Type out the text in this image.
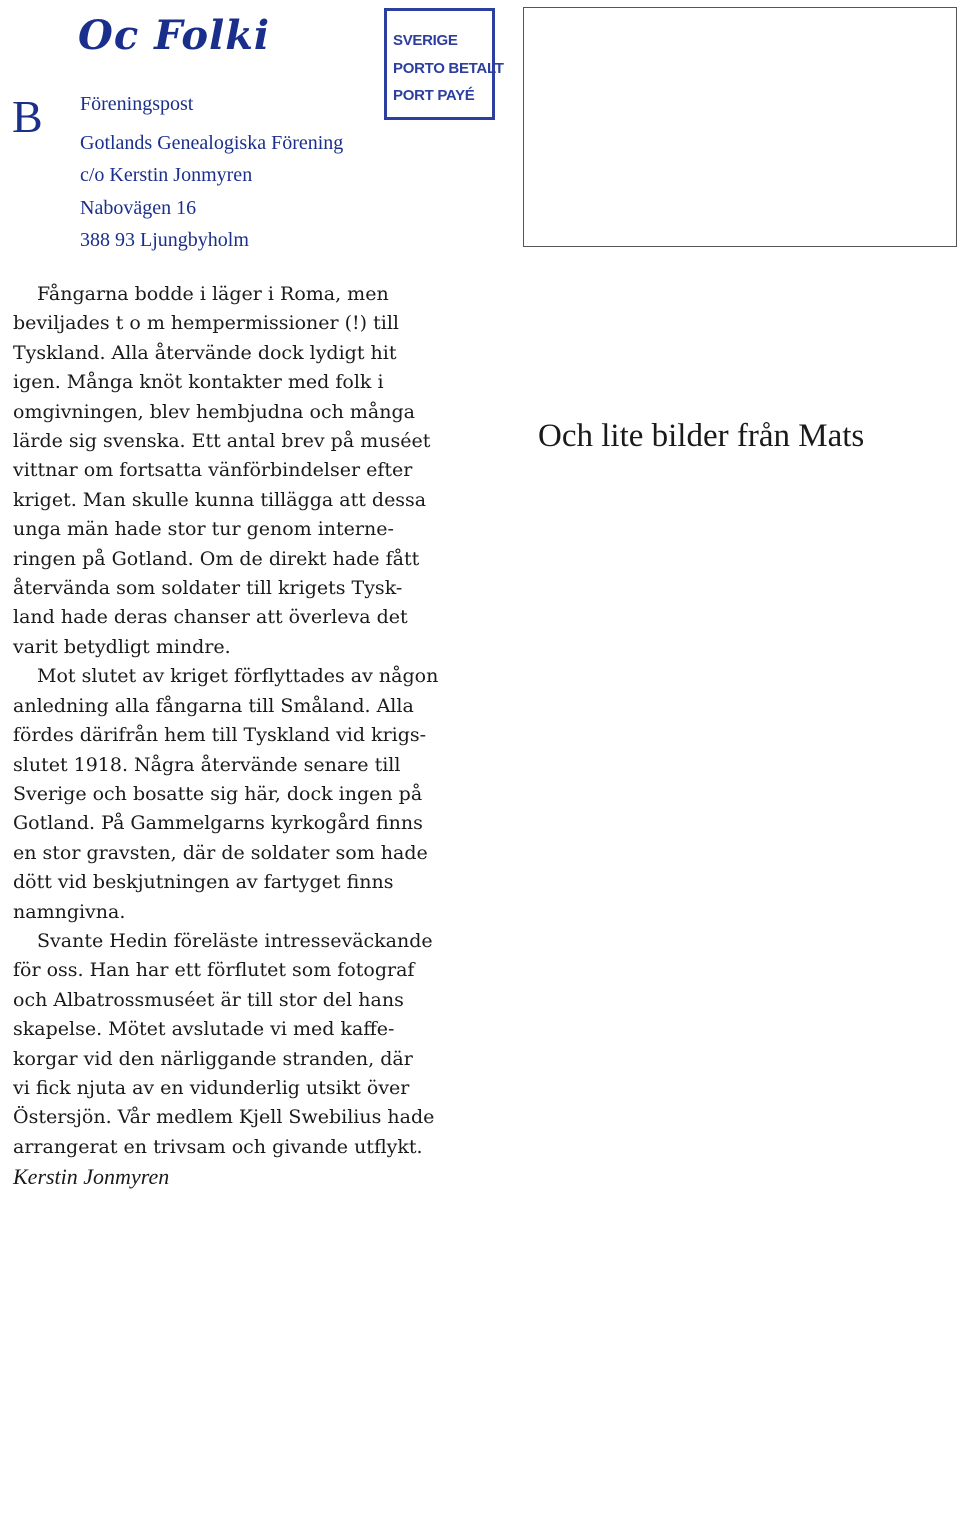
Oc Folki
B Föreningspost
Gotlands Genealogiska Förening
c/o Kerstin Jonmyren
Nabovägen 16
388 93 Ljungbyholm
SVERIGE
PORTO BETALT
PORT PAYÉ

Fångarna bodde i läger i Roma, men

beviljades t o m hempermissioner (!) till

Tyskland. Alla återvände dock lydigt hit

igen. Många knöt kontakter med folk i

omgivningen, blev hembjudna och många

lärde sig svenska. Ett antal brev på muséet

vittnar om fortsatta vänförbindelser efter

kriget. Man skulle kunna tillägga att dessa

unga män hade stor tur genom interne-

ringen på Gotland. Om de direkt hade fått

återvända som soldater till krigets Tysk-

land hade deras chanser att överleva det

varit betydligt mindre.

Mot slutet av kriget förflyttades av någon

anledning alla fångarna till Småland. Alla

fördes därifrån hem till Tyskland vid krigs-

slutet 1918. Några återvände senare till

Sverige och bosatte sig här, dock ingen på

Gotland. På Gammelgarns kyrkogård finns

en stor gravsten, där de soldater som hade

dött vid beskjutningen av fartyget finns

namngivna.

Svante Hedin föreläste intresseväckande

för oss. Han har ett förflutet som fotograf

och Albatrossmuséet är till stor del hans

skapelse. Mötet avslutade vi med kaffe-

korgar vid den närliggande stranden, där

vi fick njuta av en vidunderlig utsikt över

Östersjön. Vår medlem Kjell Swebilius hade

arrangerat en trivsam och givande utflykt.

Kerstin Jonmyren

Och lite bilder från Mats
